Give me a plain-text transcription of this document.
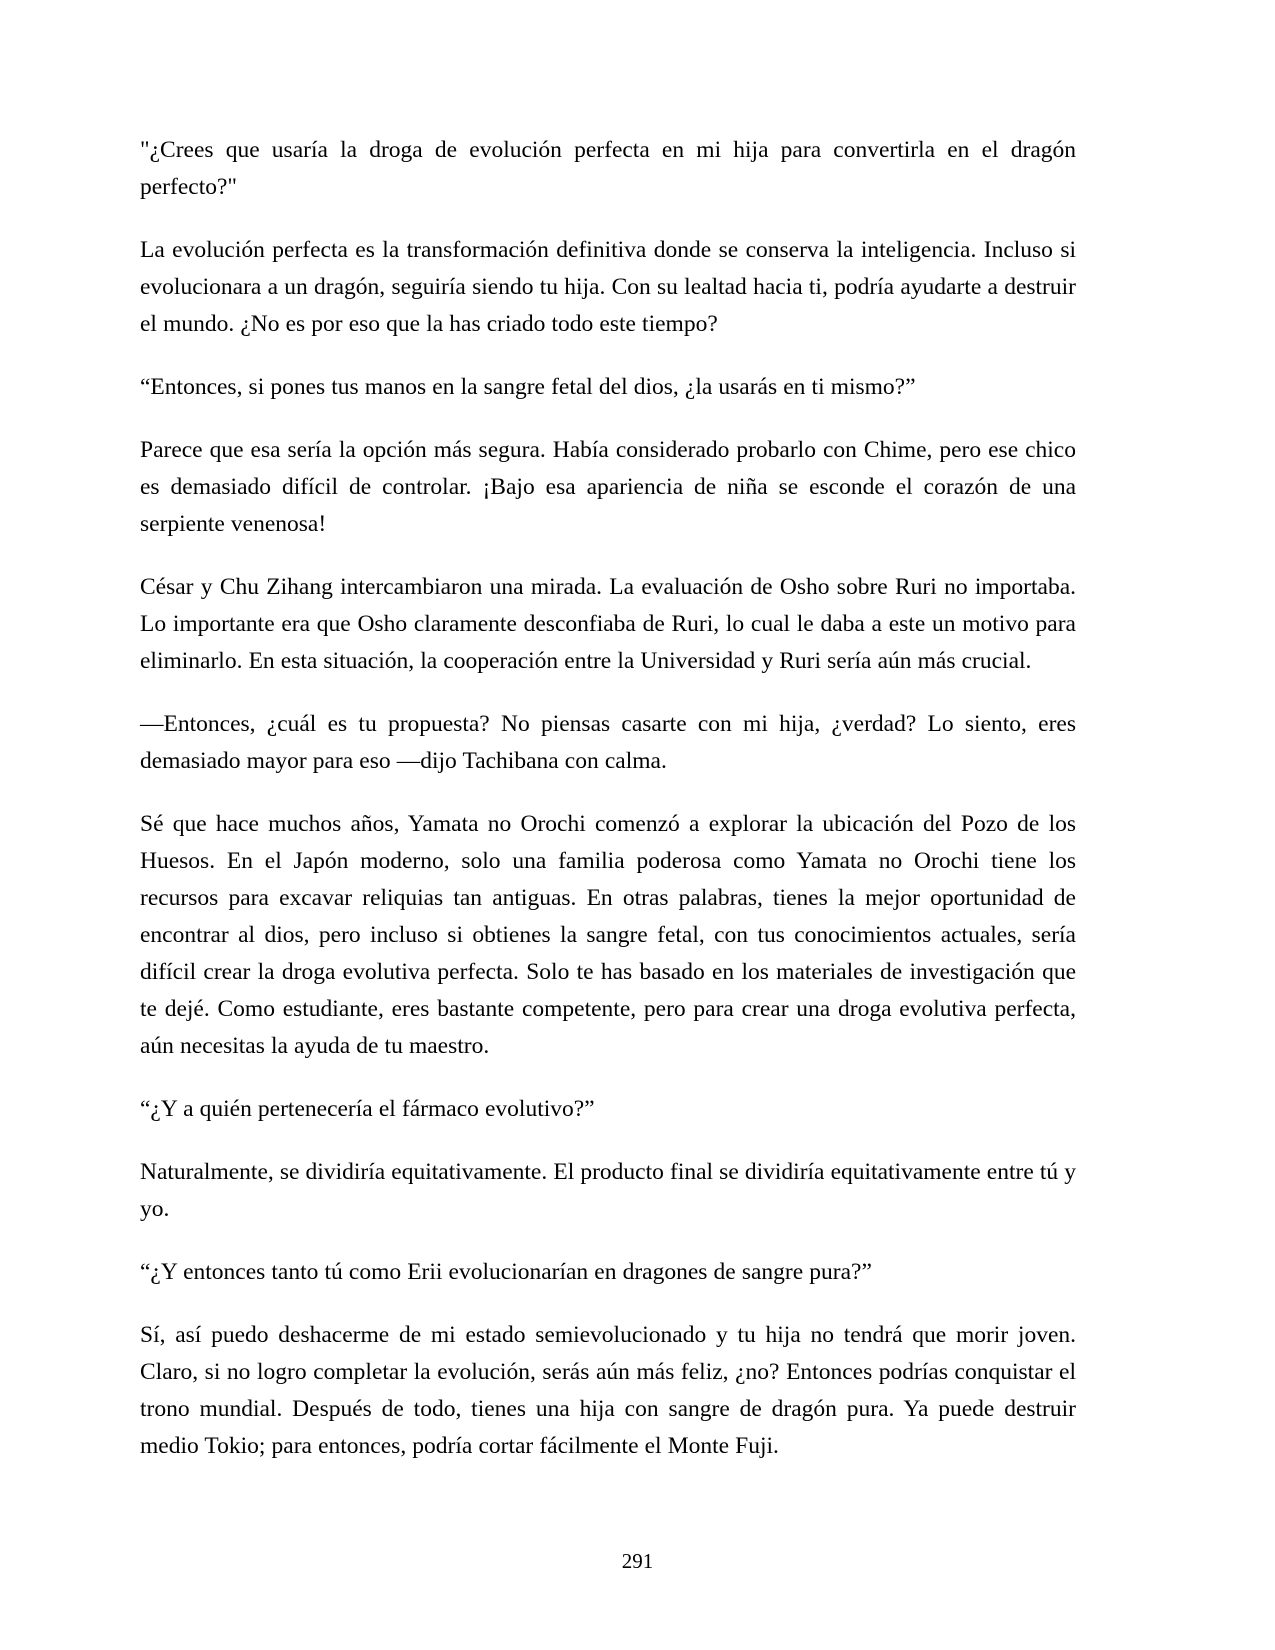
"¿Crees que usaría la droga de evolución perfecta en mi hija para convertirla en el dragón perfecto?"

La evolución perfecta es la transformación definitiva donde se conserva la inteligencia. Incluso si evolucionara a un dragón, seguiría siendo tu hija. Con su lealtad hacia ti, podría ayudarte a destruir el mundo. ¿No es por eso que la has criado todo este tiempo?

“Entonces, si pones tus manos en la sangre fetal del dios, ¿la usarás en ti mismo?”

Parece que esa sería la opción más segura. Había considerado probarlo con Chime, pero ese chico es demasiado difícil de controlar. ¡Bajo esa apariencia de niña se esconde el corazón de una serpiente venenosa!

César y Chu Zihang intercambiaron una mirada. La evaluación de Osho sobre Ruri no importaba. Lo importante era que Osho claramente desconfiaba de Ruri, lo cual le daba a este un motivo para eliminarlo. En esta situación, la cooperación entre la Universidad y Ruri sería aún más crucial.

—Entonces, ¿cuál es tu propuesta? No piensas casarte con mi hija, ¿verdad? Lo siento, eres demasiado mayor para eso —dijo Tachibana con calma.

Sé que hace muchos años, Yamata no Orochi comenzó a explorar la ubicación del Pozo de los Huesos. En el Japón moderno, solo una familia poderosa como Yamata no Orochi tiene los recursos para excavar reliquias tan antiguas. En otras palabras, tienes la mejor oportunidad de encontrar al dios, pero incluso si obtienes la sangre fetal, con tus conocimientos actuales, sería difícil crear la droga evolutiva perfecta. Solo te has basado en los materiales de investigación que te dejé. Como estudiante, eres bastante competente, pero para crear una droga evolutiva perfecta, aún necesitas la ayuda de tu maestro.

“¿Y a quién pertenecería el fármaco evolutivo?”

Naturalmente, se dividiría equitativamente. El producto final se dividiría equitativamente entre tú y yo.

“¿Y entonces tanto tú como Erii evolucionarían en dragones de sangre pura?”

Sí, así puedo deshacerme de mi estado semievolucionado y tu hija no tendrá que morir joven. Claro, si no logro completar la evolución, serás aún más feliz, ¿no? Entonces podrías conquistar el trono mundial. Después de todo, tienes una hija con sangre de dragón pura. Ya puede destruir medio Tokio; para entonces, podría cortar fácilmente el Monte Fuji.

291
